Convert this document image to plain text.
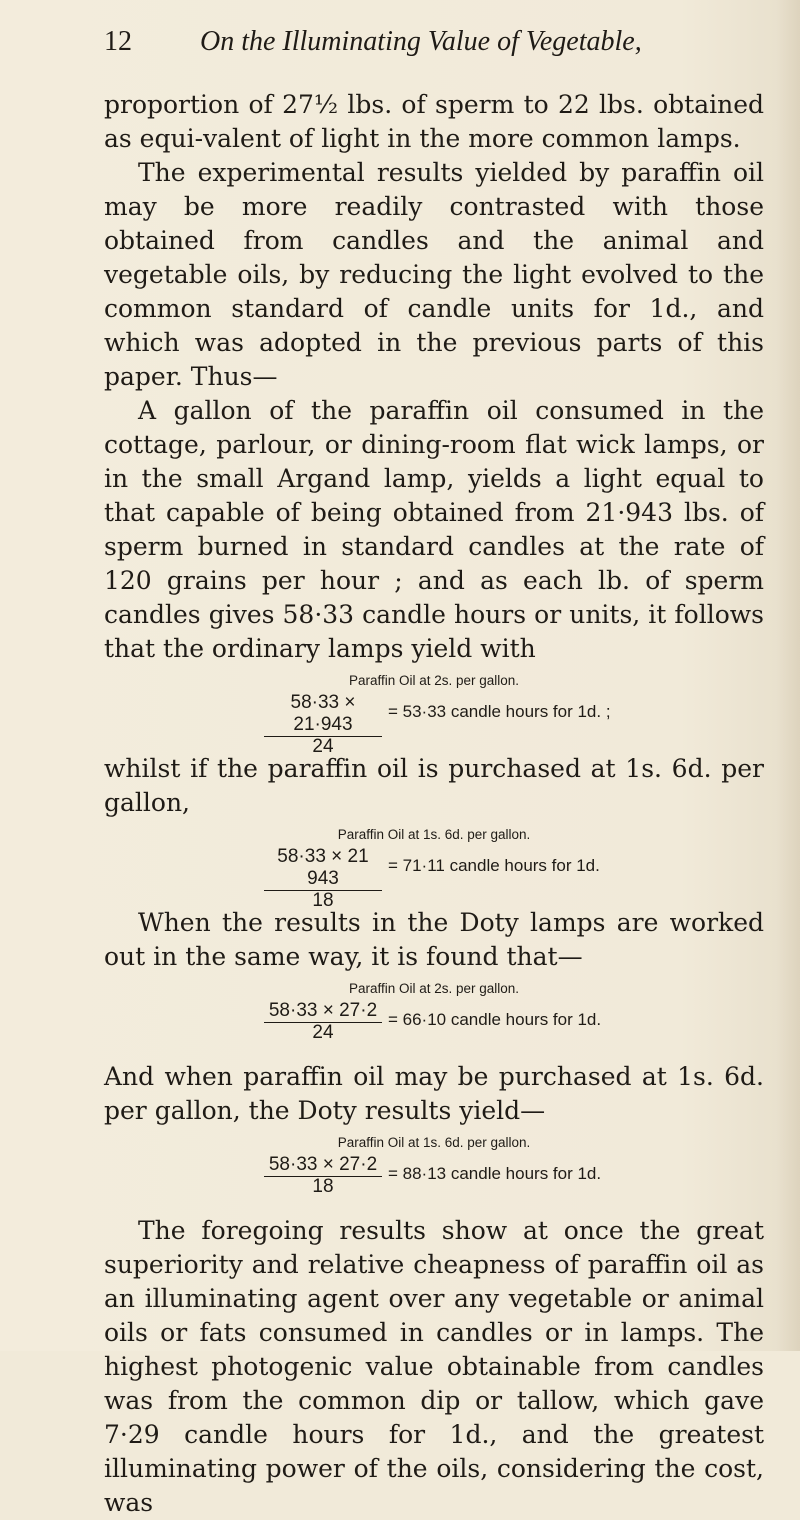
12 On the Illuminating Value of Vegetable,

proportion of 27½ lbs. of sperm to 22 lbs. obtained as equi-valent of light in the more common lamps.

The experimental results yielded by paraffin oil may be more readily contrasted with those obtained from candles and the animal and vegetable oils, by reducing the light evolved to the common standard of candle units for 1d., and which was adopted in the previous parts of this paper. Thus—

A gallon of the paraffin oil consumed in the cottage, parlour, or dining-room flat wick lamps, or in the small Argand lamp, yields a light equal to that capable of being obtained from 21·943 lbs. of sperm burned in standard candles at the rate of 120 grains per hour ; and as each lb. of sperm candles gives 58·33 candle hours or units, it follows that the ordinary lamps yield with

Paraffin Oil at 2s. per gallon.
$\frac{58\cdot 33 \times 21\cdot 943}{24} = 53\cdot 33$ candle hours for 1d. ;

whilst if the paraffin oil is purchased at 1s. 6d. per gallon,

Paraffin Oil at 1s. 6d. per gallon.
$\frac{58\cdot 33 \times 21 943}{18} = 71\cdot 11$ candle hours for 1d.

When the results in the Doty lamps are worked out in the same way, it is found that—

Paraffin Oil at 2s. per gallon.
$\frac{58\cdot 33 \times 27\cdot 2}{24} = 66\cdot 10$ candle hours for 1d.

And when paraffin oil may be purchased at 1s. 6d. per gallon, the Doty results yield—

Paraffin Oil at 1s. 6d. per gallon.
$\frac{58\cdot 33 \times 27\cdot 2}{18} = 88\cdot 13$ candle hours for 1d.

The foregoing results show at once the great superiority and relative cheapness of paraffin oil as an illuminating agent over any vegetable or animal oils or fats consumed in candles or in lamps. The highest photogenic value obtainable from candles was from the common dip or tallow, which gave 7·29 candle hours for 1d., and the greatest illuminating power of the oils, considering the cost, was
